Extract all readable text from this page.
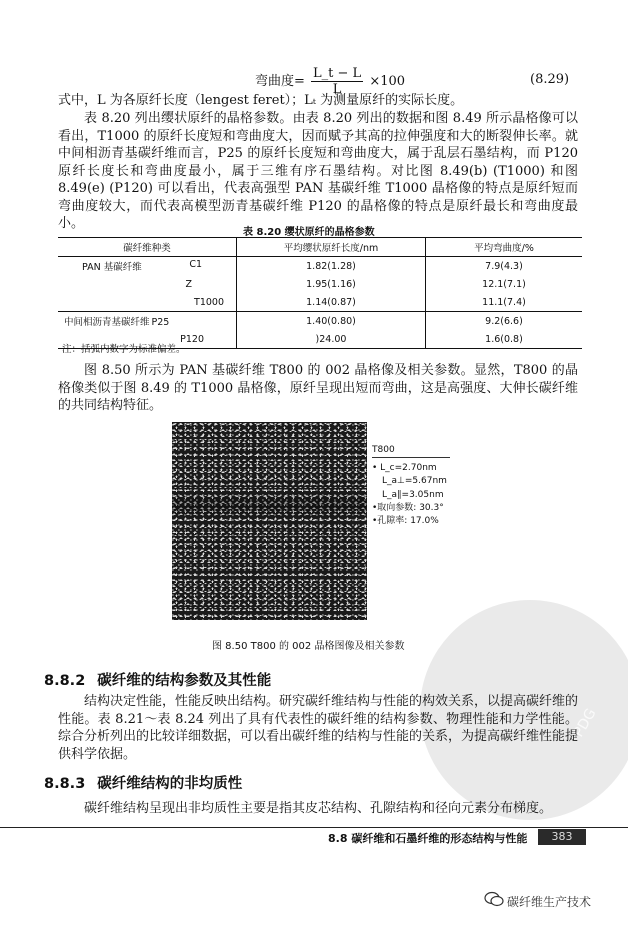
弯曲度= $\frac{L\_t - L}{L} \times 100$	(8.29)

式中，L 为各原纤长度（lengest feret）；Lₜ 为测量原纤的实际长度。

表 8.20 列出缨状原纤的晶格参数。由表 8.20 列出的数据和图 8.49 所示晶格像可以看出，T1000 的原纤长度短和弯曲度大，因而赋予其高的拉伸强度和大的断裂伸长率。就中间相沥青基碳纤维而言，P25 的原纤长度短和弯曲度大，属于乱层石墨结构，而 P120 原纤长度长和弯曲度最小，属于三维有序石墨结构。对比图 8.49(b) (T1000) 和图 8.49(e) (P120) 可以看出，代表高强型 PAN 基碳纤维 T1000 晶格像的特点是原纤短而弯曲度较大，而代表高模型沥青基碳纤维 P120 的晶格像的特点是原纤最长和弯曲度最小。

表 8.20 缨状原纤的晶格参数
碳纤维种类	平均缨状原纤长度/nm	平均弯曲度/%
PAN 基碳纤维 C1	1.82(1.28)	7.9(4.3)

Z	1.95(1.16)	12.1(7.1)

T1000	1.14(0.87)	11.1(7.4)
中间相沥青基碳纤维 P25	1.40(0.80)	9.2(6.6)

P120	)24.00	1.6(0.8)
注：括弧内数字为标准偏差。

图 8.50 所示为 PAN 基碳纤维 T800 的 002 晶格像及相关参数。显然，T800 的晶格像类似于图 8.49 的 T1000 晶格像，原纤呈现出短而弯曲，这是高强度、大伸长碳纤维的共同结构特征。

T800
• L_c=2.70nm
L_a⊥=5.67nm
L_a∥=3.05nm
•取向参数: 30.3°
•孔隙率: 17.0%
图 8.50 T800 的 002 晶格图像及相关参数
PDG
8.8.2 碳纤维的结构参数及其性能

结构决定性能，性能反映出结构。研究碳纤维结构与性能的构效关系，以提高碳纤维的性能。表 8.21～表 8.24 列出了具有代表性的碳纤维的结构参数、物理性能和力学性能。综合分析列出的比较详细数据，可以看出碳纤维的结构与性能的关系，为提高碳纤维性能提供科学依据。

8.8.3 碳纤维结构的非均质性

碳纤维结构呈现出非均质性主要是指其皮芯结构、孔隙结构和径向元素分布梯度。

8.8 碳纤维和石墨纤维的形态结构与性能	383
碳纤维生产技术
